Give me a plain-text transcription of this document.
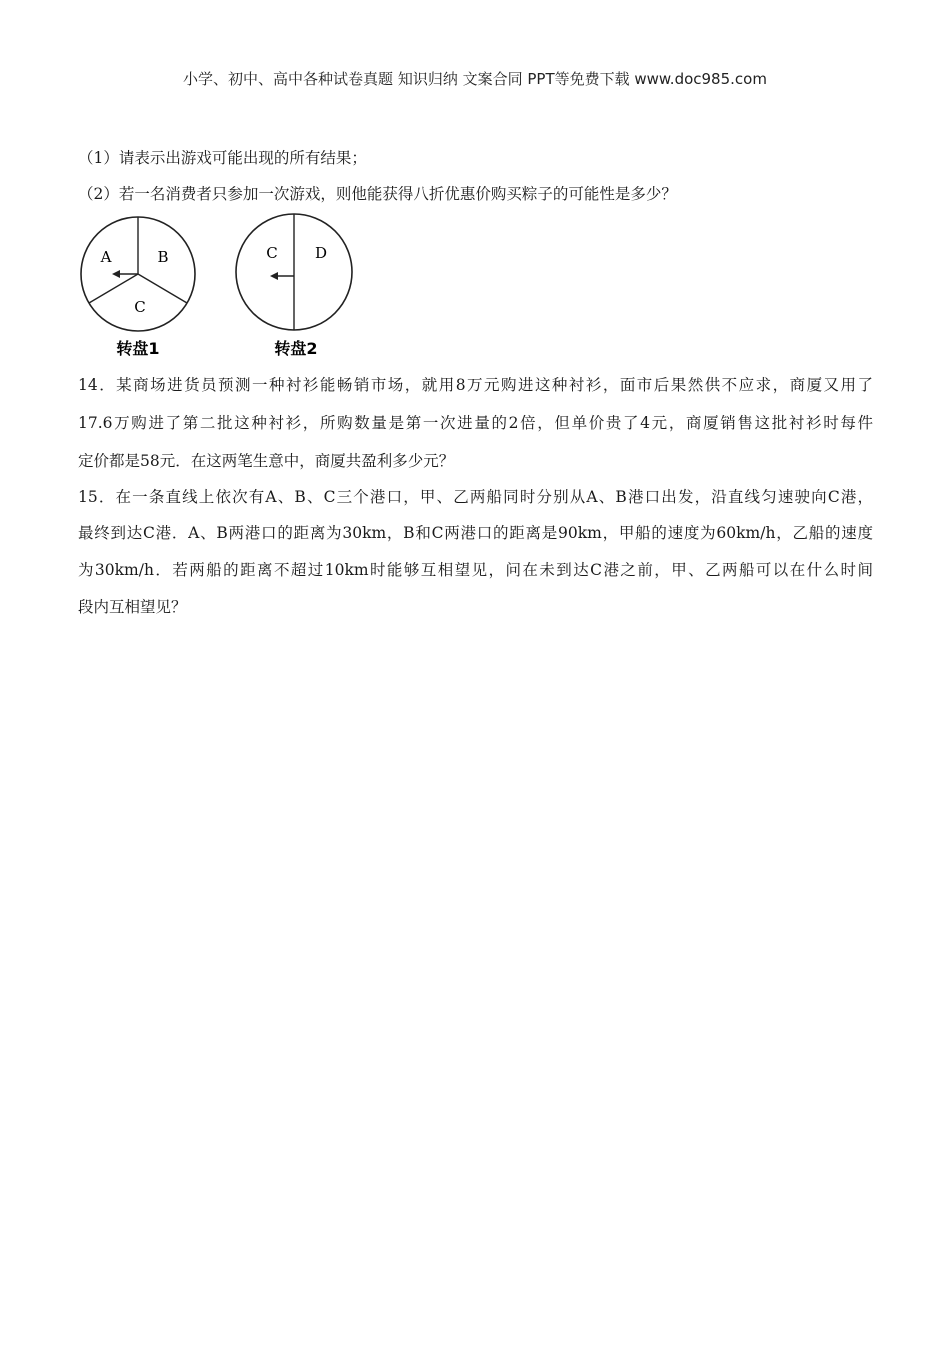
小学、初中、高中各种试卷真题 知识归纳 文案合同 PPT等免费下载 www.doc985.com
（1）请表示出游戏可能出现的所有结果；
（2）若一名消费者只参加一次游戏，则他能获得八折优惠价购买粽子的可能性是多少？
A	B
C
转盘1
C D
转盘2
14．某商场进货员预测一种衬衫能畅销市场，就用8万元购进这种衬衫，面市后果然供不应求，商厦又用了
17.6万购进了第二批这种衬衫，所购数量是第一次进量的2倍，但单价贵了4元，商厦销售这批衬衫时每件
定价都是58元．在这两笔生意中，商厦共盈利多少元？
15．在一条直线上依次有A、B、C三个港口，甲、乙两船同时分别从A、B港口出发，沿直线匀速驶向C港，
最终到达C港．A、B两港口的距离为30km，B和C两港口的距离是90km，甲船的速度为60km/h，乙船的速度
为30km/h．若两船的距离不超过10km时能够互相望见，问在未到达C港之前，甲、乙两船可以在什么时间
段内互相望见？
